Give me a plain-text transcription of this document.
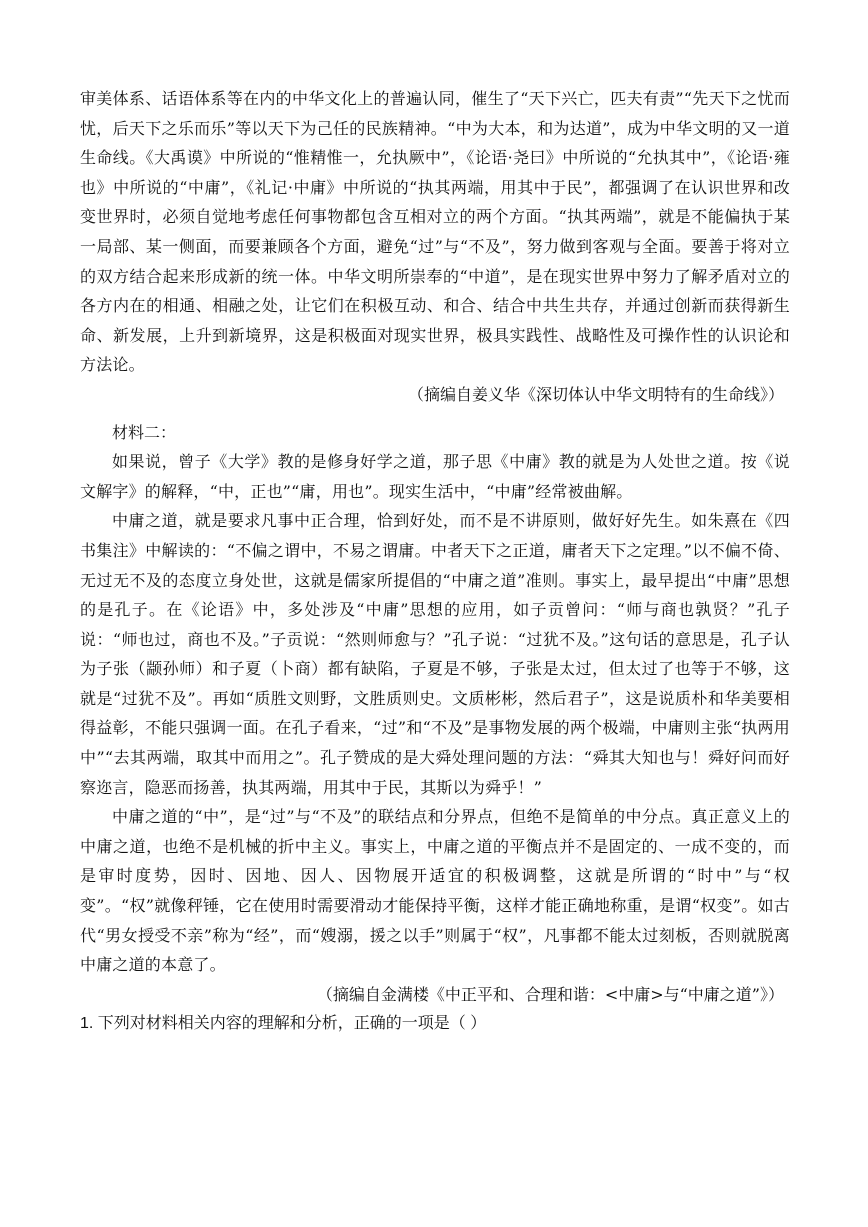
审美体系、话语体系等在内的中华文化上的普遍认同，催生了“天下兴亡，匹夫有责”“先天下之忧而忧，后天下之乐而乐”等以天下为己任的民族精神。“中为大本，和为达道”，成为中华文明的又一道生命线。《大禹谟》中所说的“惟精惟一，允执厥中”，《论语·尧曰》中所说的“允执其中”，《论语·雍也》中所说的“中庸”，《礼记·中庸》中所说的“执其两端，用其中于民”，都强调了在认识世界和改变世界时，必须自觉地考虑任何事物都包含互相对立的两个方面。“执其两端”，就是不能偏执于某一局部、某一侧面，而要兼顾各个方面，避免“过”与“不及”，努力做到客观与全面。要善于将对立的双方结合起来形成新的统一体。中华文明所崇奉的“中道”，是在现实世界中努力了解矛盾对立的各方内在的相通、相融之处，让它们在积极互动、和合、结合中共生共存，并通过创新而获得新生命、新发展，上升到新境界，这是积极面对现实世界，极具实践性、战略性及可操作性的认识论和方法论。

（摘编自姜义华《深切体认中华文明特有的生命线》）

材料二：

如果说，曾子《大学》教的是修身好学之道，那子思《中庸》教的就是为人处世之道。按《说文解字》的解释，“中，正也”“庸，用也”。现实生活中，“中庸”经常被曲解。

中庸之道，就是要求凡事中正合理，恰到好处，而不是不讲原则，做好好先生。如朱熹在《四书集注》中解读的：“不偏之谓中，不易之谓庸。中者天下之正道，庸者天下之定理。”以不偏不倚、无过无不及的态度立身处世，这就是儒家所提倡的“中庸之道”准则。事实上，最早提出“中庸”思想的是孔子。在《论语》中，多处涉及“中庸”思想的应用，如子贡曾问：“师与商也孰贤？”孔子说：“师也过，商也不及。”子贡说：“然则师愈与？”孔子说：“过犹不及。”这句话的意思是，孔子认为子张（颛孙师）和子夏（卜商）都有缺陷，子夏是不够，子张是太过，但太过了也等于不够，这就是“过犹不及”。再如“质胜文则野，文胜质则史。文质彬彬，然后君子”，这是说质朴和华美要相得益彰，不能只强调一面。在孔子看来，“过”和“不及”是事物发展的两个极端，中庸则主张“执两用中”“去其两端，取其中而用之”。孔子赞成的是大舜处理问题的方法：“舜其大知也与！舜好问而好察迩言，隐恶而扬善，执其两端，用其中于民，其斯以为舜乎！”

中庸之道的“中”，是“过”与“不及”的联结点和分界点，但绝不是简单的中分点。真正意义上的中庸之道，也绝不是机械的折中主义。事实上，中庸之道的平衡点并不是固定的、一成不变的，而是审时度势，因时、因地、因人、因物展开适宜的积极调整，这就是所谓的“时中”与“权变”。“权”就像秤锤，它在使用时需要滑动才能保持平衡，这样才能正确地称重，是谓“权变”。如古代“男女授受不亲”称为“经”，而“嫂溺，援之以手”则属于“权”，凡事都不能太过刻板，否则就脱离中庸之道的本意了。

（摘编自金满楼《中正平和、合理和谐：<中庸>与“中庸之道”》）

1. 下列对材料相关内容的理解和分析，正确的一项是（ ）
